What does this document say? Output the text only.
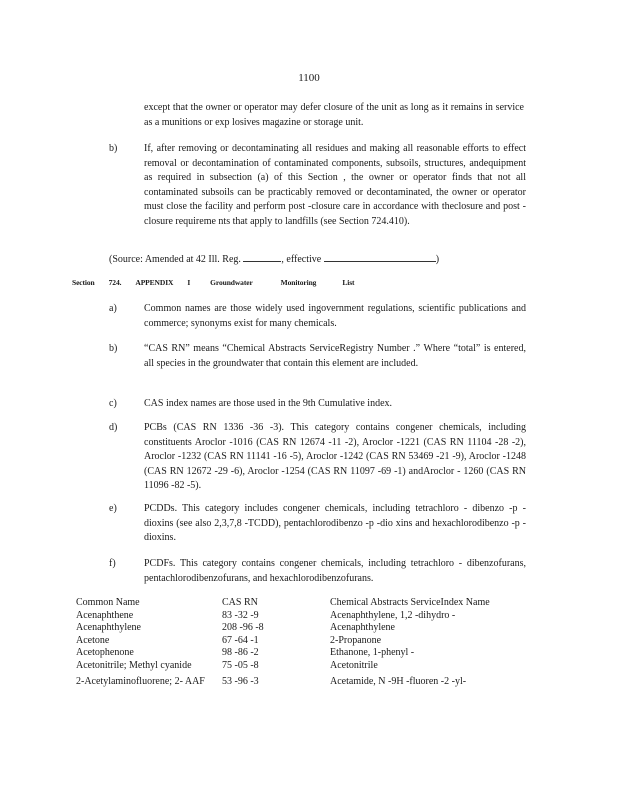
1100
except that the owner or operator may defer closure of the unit as long as it remains in service as a munitions or exp losives magazine or storage unit.
b)	If, after removing or decontaminating all residues and making all reasonable efforts to effect removal or decontamination of contaminated components, subsoils, structures, andequipment as required in subsection (a) of this Section , the owner or operator finds that not all contaminated subsoils can be practicably removed or decontaminated, the owner or operator must close the facility and perform post -closure care in accordance with theclosure and post - closure requireme nts that apply to landfills (see Section 724.410).
(Source: Amended at 42 Ill. Reg.	, effective	)
Section 724. APPENDIX I	Groundwater	Monitoring	List
a)	Common names are those widely used ingovernment regulations, scientific publications and commerce; synonyms exist for many chemicals.
b)	“CAS RN” means “Chemical Abstracts ServiceRegistry Number .” Where “total” is entered, all species in the groundwater that contain this element are included.
c)	CAS index names are those used in the 9th Cumulative index.
d)	PCBs (CAS RN 1336 -36 -3). This category contains congener chemicals, including constituents Aroclor -1016 (CAS RN 12674 -11 -2), Aroclor -1221 (CAS RN 11104 -28 -2), Aroclor -1232 (CAS RN 11141 -16 -5), Aroclor -1242 (CAS RN 53469 -21 -9), Aroclor -1248 (CAS RN 12672 -29 -6), Aroclor -1254 (CAS RN 11097 -69 -1) andAroclor - 1260 (CAS RN 11096 -82 -5).
e)	PCDDs. This category includes congener chemicals, including tetrachloro - dibenzo -p -dioxins (see also 2,3,7,8 -TCDD), pentachlorodibenzo -p -dio xins and hexachlorodibenzo -p -dioxins.
f)	PCDFs. This category contains congener chemicals, including tetrachloro - dibenzofurans, pentachlorodibenzofurans, and hexachlorodibenzofurans.
Common Name	CAS RN	Chemical Abstracts ServiceIndex Name
Acenaphthene	83 -32 -9	Acenaphthylene, 1,2 -dihydro -
Acenaphthylene	208 -96 -8	Acenaphthylene
Acetone	67 -64 -1	2-Propanone
Acetophenone	98 -86 -2	Ethanone, 1-phenyl -
Acetonitrile; Methyl cyanide	75 -05 -8	Acetonitrile
2-Acetylaminofluorene; 2- AAF	53 -96 -3	Acetamide, N -9H -fluoren -2 -yl-
